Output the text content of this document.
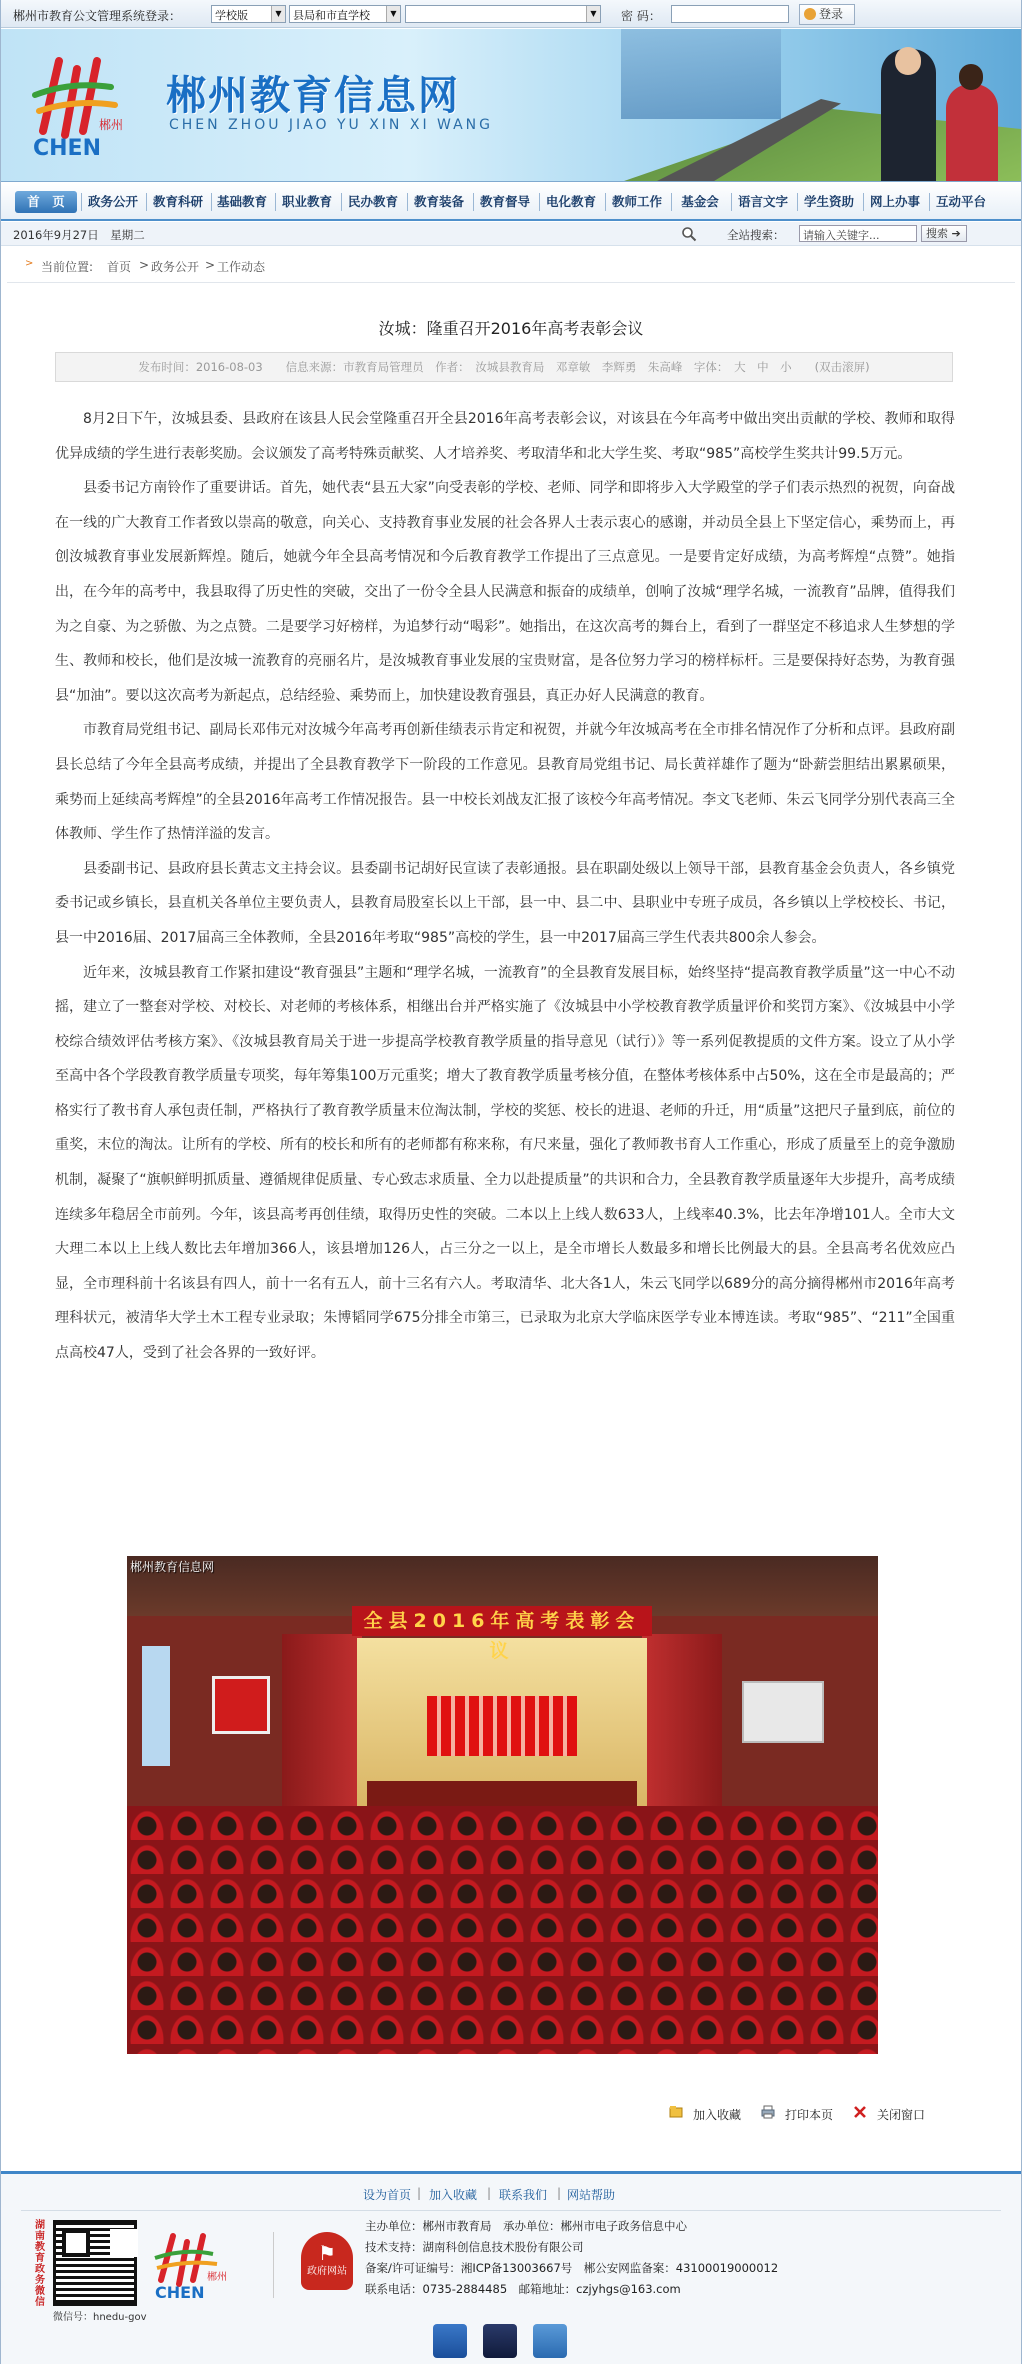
郴州市教育公文管理系统登录：	学校版	▼	县局和市直学校	▼	▼ 密 码：	登录
郴州
CHEN
郴州教育信息网
CHEN ZHOU JIAO YU XIN XI WANG
首　页	政务公开	教育科研	基础教育	职业教育	民办教育	教育装备	教育督导	电化教育	教师工作	基金会	语言文字	学生资助	网上办事	互动平台
2016年9月27日　星期二	全站搜索：	请输入关键字...	搜索 ➔
> 当前位置: 首页 > 政务公开 > 工作动态
汝城：隆重召开2016年高考表彰会议
发布时间：2016-08-03　　信息来源：市教育局管理员　作者：　汝城县教育局　邓章敏　李辉勇　朱高峰　字体：　大　中　小　　(双击滚屏)

8月2日下午，汝城县委、县政府在该县人民会堂隆重召开全县2016年高考表彰会议，对该县在今年高考中做出突出贡献的学校、教师和取得优异成绩的学生进行表彰奖励。会议颁发了高考特殊贡献奖、人才培养奖、考取清华和北大学生奖、考取“985”高校学生奖共计99.5万元。

县委书记方南铃作了重要讲话。首先，她代表“县五大家”向受表彰的学校、老师、同学和即将步入大学殿堂的学子们表示热烈的祝贺，向奋战在一线的广大教育工作者致以崇高的敬意，向关心、支持教育事业发展的社会各界人士表示衷心的感谢，并动员全县上下坚定信心，乘势而上，再创汝城教育事业发展新辉煌。随后，她就今年全县高考情况和今后教育教学工作提出了三点意见。一是要肯定好成绩，为高考辉煌“点赞”。她指出，在今年的高考中，我县取得了历史性的突破，交出了一份令全县人民满意和振奋的成绩单，创响了汝城“理学名城，一流教育”品牌，值得我们为之自豪、为之骄傲、为之点赞。二是要学习好榜样，为追梦行动“喝彩”。她指出，在这次高考的舞台上，看到了一群坚定不移追求人生梦想的学生、教师和校长，他们是汝城一流教育的亮丽名片，是汝城教育事业发展的宝贵财富，是各位努力学习的榜样标杆。三是要保持好态势，为教育强县“加油”。要以这次高考为新起点，总结经验、乘势而上，加快建设教育强县，真正办好人民满意的教育。

市教育局党组书记、副局长邓伟元对汝城今年高考再创新佳绩表示肯定和祝贺，并就今年汝城高考在全市排名情况作了分析和点评。县政府副县长总结了今年全县高考成绩，并提出了全县教育教学下一阶段的工作意见。县教育局党组书记、局长黄祥雄作了题为“卧薪尝胆结出累累硕果，乘势而上延续高考辉煌”的全县2016年高考工作情况报告。县一中校长刘战友汇报了该校今年高考情况。李文飞老师、朱云飞同学分别代表高三全体教师、学生作了热情洋溢的发言。

县委副书记、县政府县长黄志文主持会议。县委副书记胡好民宣读了表彰通报。县在职副处级以上领导干部，县教育基金会负责人，各乡镇党委书记或乡镇长，县直机关各单位主要负责人，县教育局股室长以上干部，县一中、县二中、县职业中专班子成员，各乡镇以上学校校长、书记，县一中2016届、2017届高三全体教师，全县2016年考取“985”高校的学生，县一中2017届高三学生代表共800余人参会。

近年来，汝城县教育工作紧扣建设“教育强县”主题和“理学名城，一流教育”的全县教育发展目标，始终坚持“提高教育教学质量”这一中心不动摇，建立了一整套对学校、对校长、对老师的考核体系，相继出台并严格实施了《汝城县中小学校教育教学质量评价和奖罚方案》、《汝城县中小学校综合绩效评估考核方案》、《汝城县教育局关于进一步提高学校教育教学质量的指导意见（试行）》等一系列促教提质的文件方案。设立了从小学至高中各个学段教育教学质量专项奖，每年筹集100万元重奖；增大了教育教学质量考核分值，在整体考核体系中占50%，这在全市是最高的；严格实行了教书育人承包责任制，严格执行了教育教学质量末位淘汰制，学校的奖惩、校长的进退、老师的升迁，用“质量”这把尺子量到底，前位的重奖，末位的淘汰。让所有的学校、所有的校长和所有的老师都有称来称，有尺来量，强化了教师教书育人工作重心，形成了质量至上的竞争激励机制，凝聚了“旗帜鲜明抓质量、遵循规律促质量、专心致志求质量、全力以赴提质量”的共识和合力，全县教育教学质量逐年大步提升，高考成绩连续多年稳居全市前列。今年，该县高考再创佳绩，取得历史性的突破。二本以上上线人数633人，上线率40.3%，比去年净增101人。全市大文大理二本以上上线人数比去年增加366人，该县增加126人，占三分之一以上，是全市增长人数最多和增长比例最大的县。全县高考名优效应凸显，全市理科前十名该县有四人，前十一名有五人，前十三名有六人。考取清华、北大各1人，朱云飞同学以689分的高分摘得郴州市2016年高考理科状元，被清华大学土木工程专业录取；朱博韬同学675分排全市第三，已录取为北京大学临床医学专业本博连读。考取“985”、“211”全国重点高校47人，受到了社会各界的一致好评。

全县2016年高考表彰会议
郴州教育信息网
加入收藏	打印本页	关闭窗口
设为首页 | 加入收藏 | 联系我们 | 网站帮助
湖南教育政务微信
微信号：hnedu-gov
郴州
CHEN
⚑
政府网站
主办单位：郴州市教育局　承办单位：郴州市电子政务信息中心
技术支持：湖南科创信息技术股份有限公司
备案/许可证编号：湘ICP备13003667号　郴公安网监备案：43100019000012
联系电话：0735-2884485　邮箱地址：czjyhgs@163.com
